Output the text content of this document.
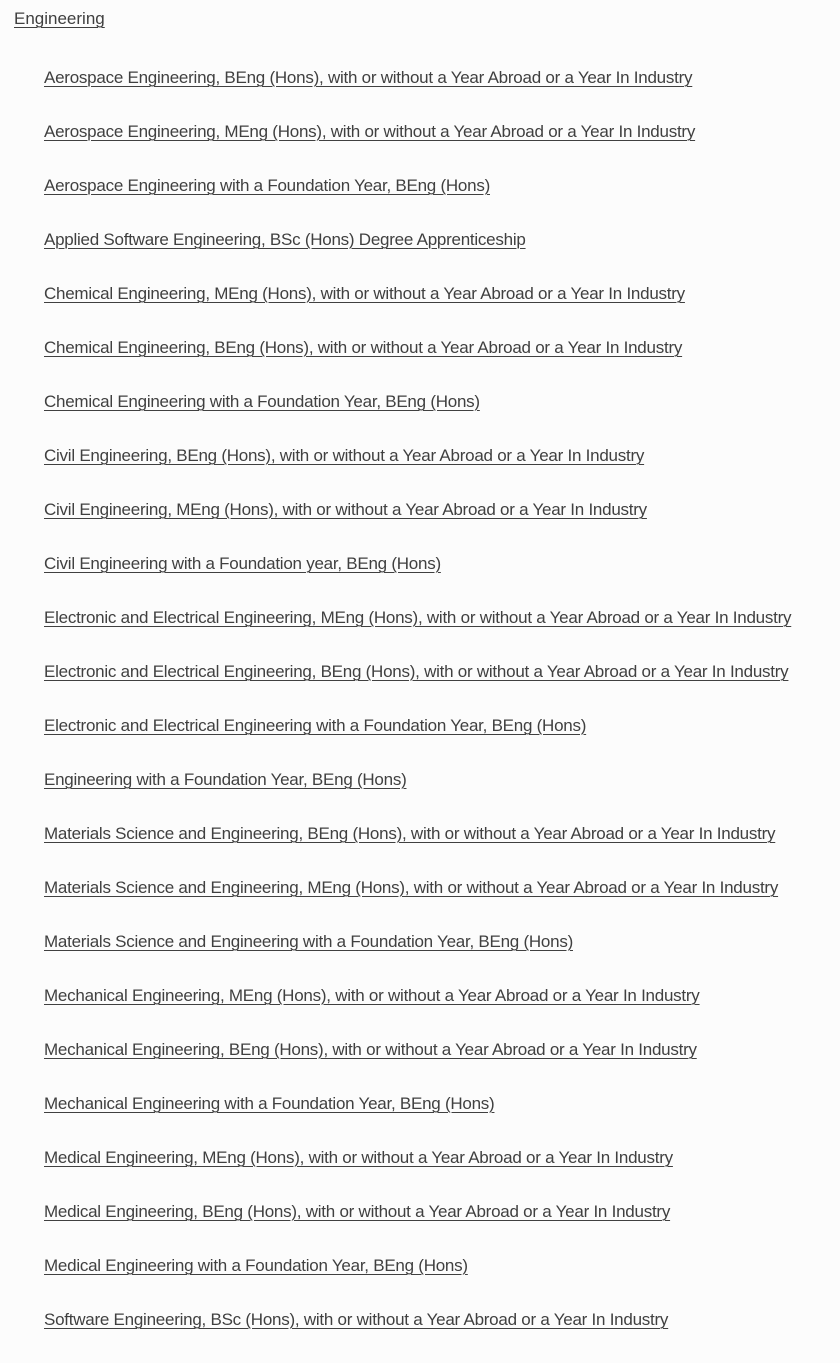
Engineering
Aerospace Engineering, BEng (Hons), with or without a Year Abroad or a Year In Industry
Aerospace Engineering, MEng (Hons), with or without a Year Abroad or a Year In Industry
Aerospace Engineering with a Foundation Year, BEng (Hons)
Applied Software Engineering, BSc (Hons) Degree Apprenticeship
Chemical Engineering, MEng (Hons), with or without a Year Abroad or a Year In Industry
Chemical Engineering, BEng (Hons), with or without a Year Abroad or a Year In Industry
Chemical Engineering with a Foundation Year, BEng (Hons)
Civil Engineering, BEng (Hons), with or without a Year Abroad or a Year In Industry
Civil Engineering, MEng (Hons), with or without a Year Abroad or a Year In Industry
Civil Engineering with a Foundation year, BEng (Hons)
Electronic and Electrical Engineering, MEng (Hons), with or without a Year Abroad or a Year In Industry
Electronic and Electrical Engineering, BEng (Hons), with or without a Year Abroad or a Year In Industry
Electronic and Electrical Engineering with a Foundation Year, BEng (Hons)
Engineering with a Foundation Year, BEng (Hons)
Materials Science and Engineering, BEng (Hons), with or without a Year Abroad or a Year In Industry
Materials Science and Engineering, MEng (Hons), with or without a Year Abroad or a Year In Industry
Materials Science and Engineering with a Foundation Year, BEng (Hons)
Mechanical Engineering, MEng (Hons), with or without a Year Abroad or a Year In Industry
Mechanical Engineering, BEng (Hons), with or without a Year Abroad or a Year In Industry
Mechanical Engineering with a Foundation Year, BEng (Hons)
Medical Engineering, MEng (Hons), with or without a Year Abroad or a Year In Industry
Medical Engineering, BEng (Hons), with or without a Year Abroad or a Year In Industry
Medical Engineering with a Foundation Year, BEng (Hons)
Software Engineering, BSc (Hons), with or without a Year Abroad or a Year In Industry
